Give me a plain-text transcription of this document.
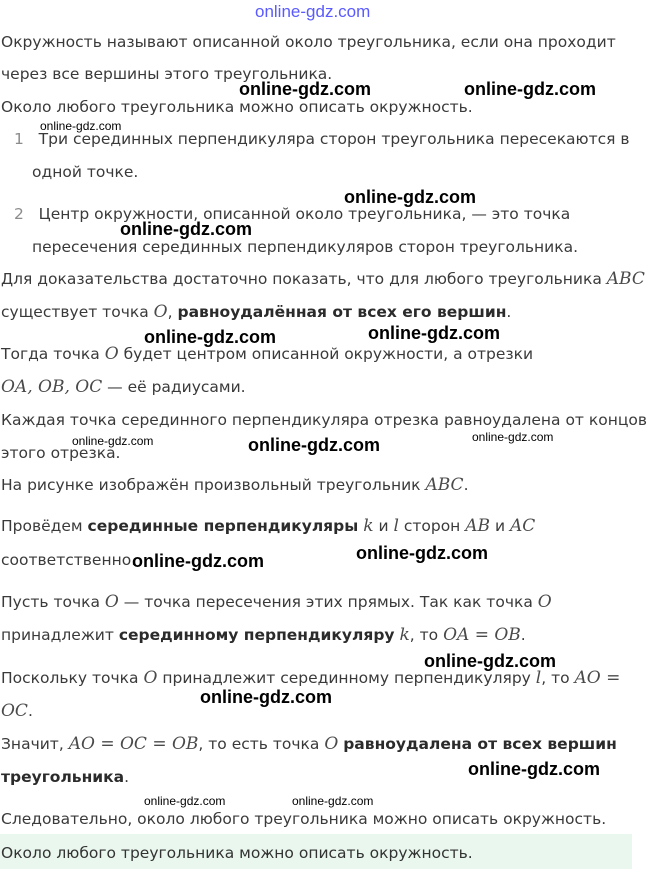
Окружность называют описанной около треугольника, если она проходит
через все вершины этого треугольника.
Около любого треугольника можно описать окружность.
1 Три серединных перпендикуляра сторон треугольника пересекаются в
одной точке.
2 Центр окружности, описанной около треугольника, — это точка
пересечения серединных перпендикуляров сторон треугольника.
Для доказательства достаточно показать, что для любого треугольника ABC
существует точка O, равноудалённая от всех его вершин.
Тогда точка O будет центром описанной окружности, а отрезки
OA, OB, OC — её радиусами.
Каждая точка серединного перпендикуляра отрезка равноудалена от концов
этого отрезка.
На рисунке изображён произвольный треугольник ABC.
Провёдем серединные перпендикуляры k и l сторон AB и AC
соответственно.
Пусть точка O — точка пересечения этих прямых. Так как точка O
принадлежит серединному перпендикуляру k, то OA = OB.
Поскольку точка O принадлежит серединному перпендикуляру l, то AO =
OC.
Значит, AO = OC = OB, то есть точка O равноудалена от всех вершин
треугольника.
Следовательно, около любого треугольника можно описать окружность.
Около любого треугольника можно описать окружность.
online-gdz.com
online-gdz.com	online-gdz.com
online-gdz.com
online-gdz.com
online-gdz.com
online-gdz.com	online-gdz.com
online-gdz.com	online-gdz.com	online-gdz.com
online-gdz.com
online-gdz.com
online-gdz.com
online-gdz.com
online-gdz.com
online-gdz.com	online-gdz.com
